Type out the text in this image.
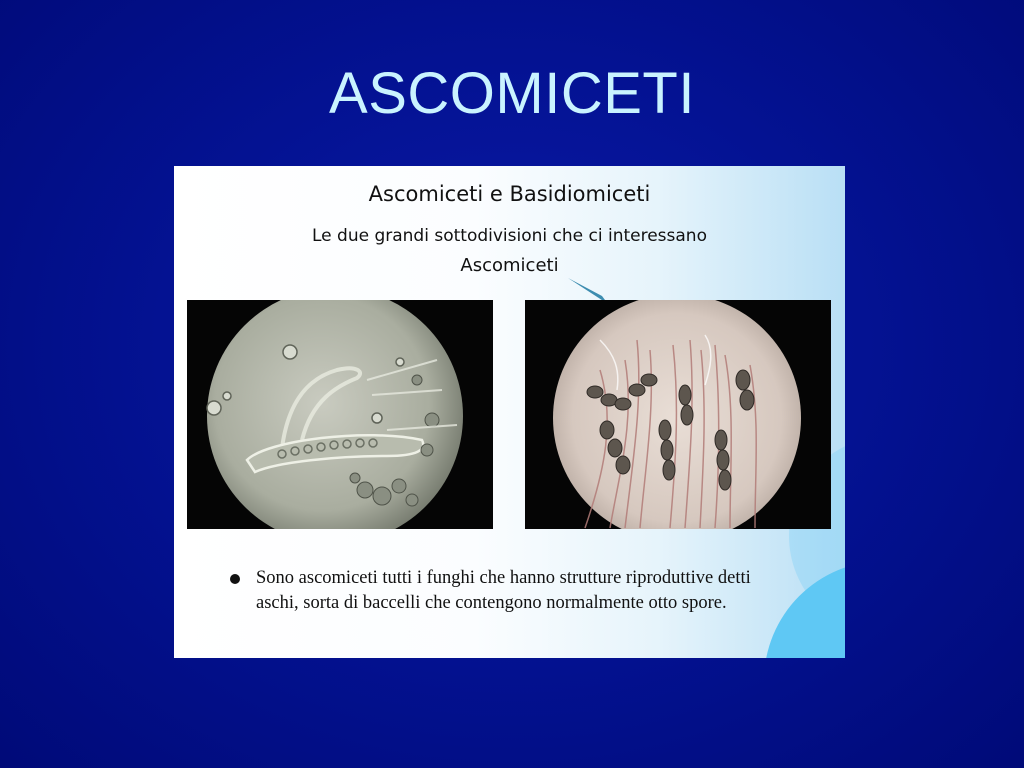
ASCOMICETI
Ascomiceti e Basidiomiceti
Le due grandi sottodivisioni che ci interessano
Ascomiceti
Sono ascomiceti tutti i funghi che hanno strutture riproduttive detti aschi, sorta di baccelli che contengono normalmente otto spore.
